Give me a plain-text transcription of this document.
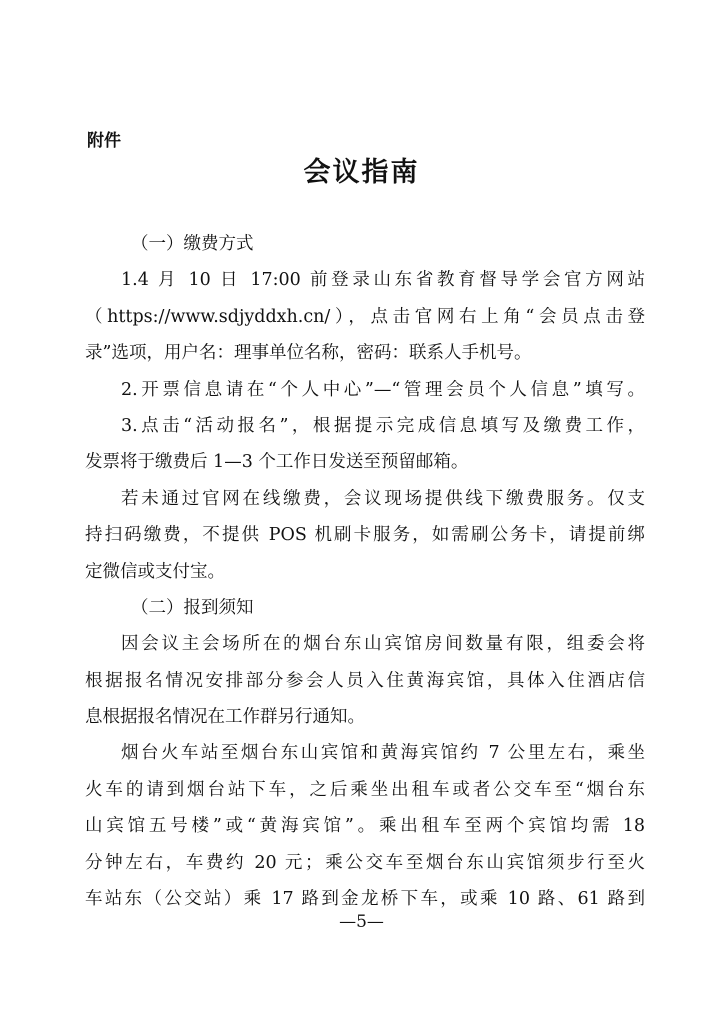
附件
会议指南
（一）缴费方式
1.4 月 10 日 17:00 前登录山东省教育督导学会官方网站
（https://www.sdjyddxh.cn/），点击官网右上角“会员点击登
录”选项，用户名：理事单位名称，密码：联系人手机号。
2.开票信息请在“个人中心”—“管理会员个人信息”填写。
3.点击“活动报名”，根据提示完成信息填写及缴费工作，
发票将于缴费后 1—3 个工作日发送至预留邮箱。
若未通过官网在线缴费，会议现场提供线下缴费服务。仅支
持扫码缴费，不提供 POS 机刷卡服务，如需刷公务卡，请提前绑
定微信或支付宝。
（二）报到须知
因会议主会场所在的烟台东山宾馆房间数量有限，组委会将
根据报名情况安排部分参会人员入住黄海宾馆，具体入住酒店信
息根据报名情况在工作群另行通知。
烟台火车站至烟台东山宾馆和黄海宾馆约 7 公里左右，乘坐
火车的请到烟台站下车，之后乘坐出租车或者公交车至“烟台东
山宾馆五号楼”或“黄海宾馆”。乘出租车至两个宾馆均需 18
分钟左右，车费约 20 元；乘公交车至烟台东山宾馆须步行至火
车站东（公交站）乘 17 路到金龙桥下车，或乘 10 路、61 路到
—5—
